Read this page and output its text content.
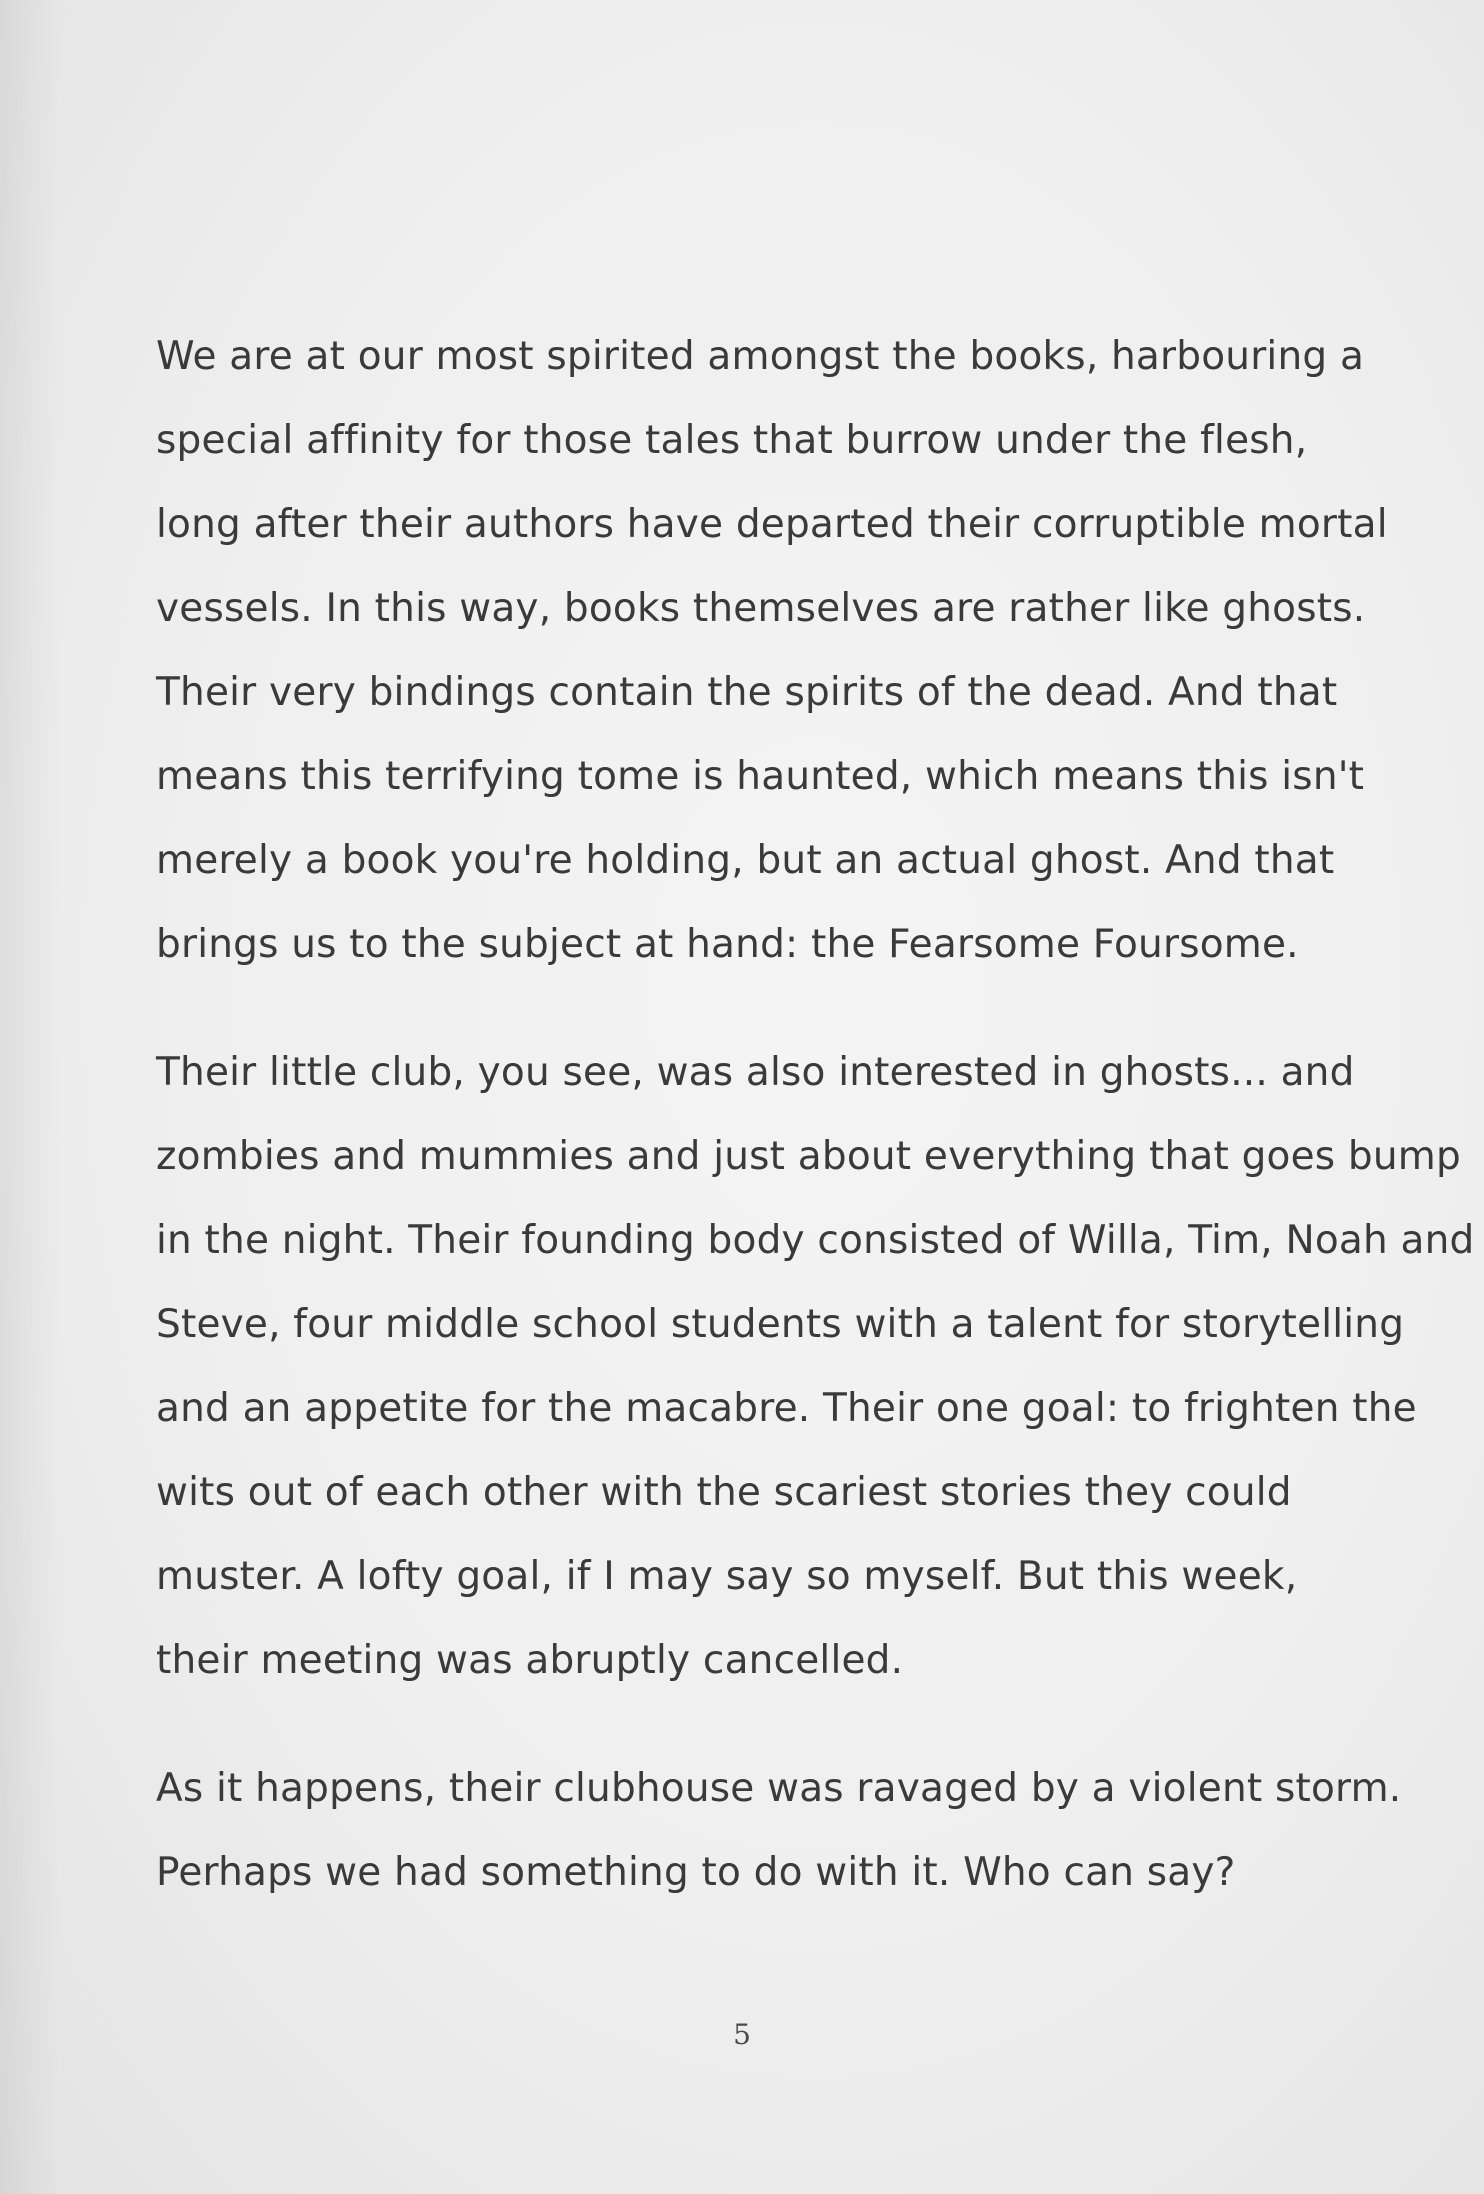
We are at our most spirited amongst the books, harbouring a
special affinity for those tales that burrow under the flesh,
long after their authors have departed their corruptible mortal
vessels. In this way, books themselves are rather like ghosts.
Their very bindings contain the spirits of the dead. And that
means this terrifying tome is haunted, which means this isn't
merely a book you're holding, but an actual ghost. And that
brings us to the subject at hand: the Fearsome Foursome.

Their little club, you see, was also interested in ghosts... and
zombies and mummies and just about everything that goes bump
in the night. Their founding body consisted of Willa, Tim, Noah and
Steve, four middle school students with a talent for storytelling
and an appetite for the macabre. Their one goal: to frighten the
wits out of each other with the scariest stories they could
muster. A lofty goal, if I may say so myself. But this week,
their meeting was abruptly cancelled.

As it happens, their clubhouse was ravaged by a violent storm.
Perhaps we had something to do with it. Who can say?

5
